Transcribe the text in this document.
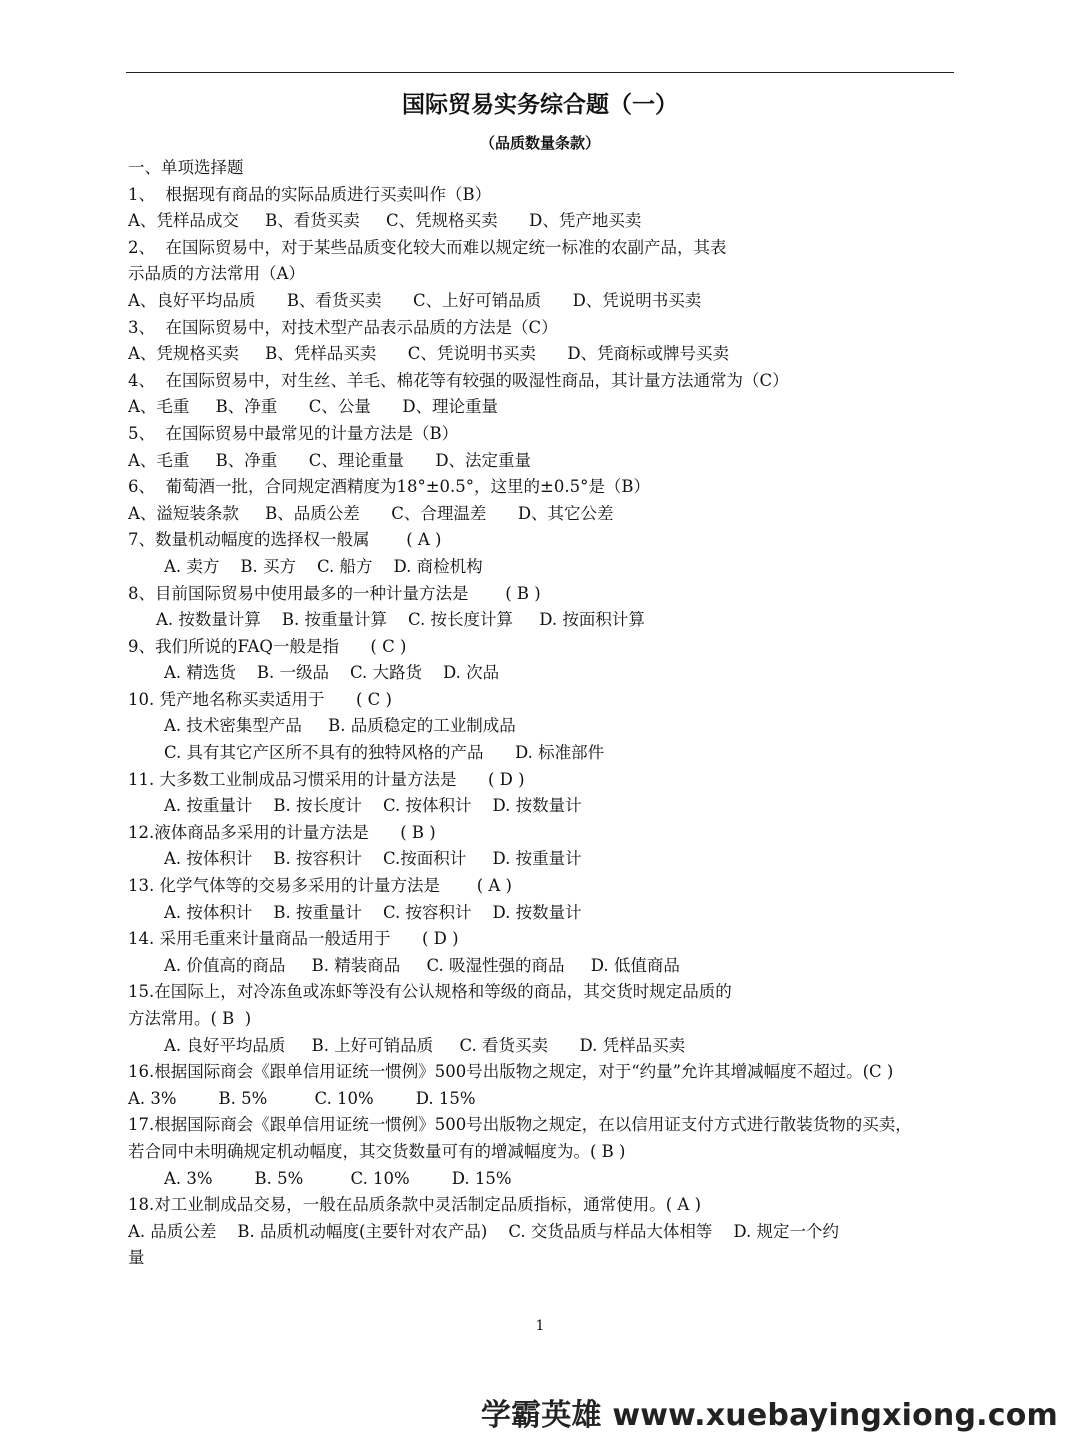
国际贸易实务综合题（一）
（品质数量条款）
一、单项选择题
1、  根据现有商品的实际品质进行买卖叫作（B）
A、凭样品成交     B、看货买卖     C、凭规格买卖      D、凭产地买卖
2、  在国际贸易中，对于某些品质变化较大而难以规定统一标准的农副产品，其表
示品质的方法常用（A）
A、良好平均品质      B、看货买卖      C、上好可销品质      D、凭说明书买卖
3、  在国际贸易中，对技术型产品表示品质的方法是（C）
A、凭规格买卖     B、凭样品买卖      C、凭说明书买卖      D、凭商标或牌号买卖
4、  在国际贸易中，对生丝、羊毛、棉花等有较强的吸湿性商品，其计量方法通常为（C）
A、毛重     B、净重      C、公量      D、理论重量
5、  在国际贸易中最常见的计量方法是（B）
A、毛重     B、净重      C、理论重量      D、法定重量
6、  葡萄酒一批，合同规定酒精度为18°±0.5°，这里的±0.5°是（B）
A、溢短装条款     B、品质公差      C、合理温差      D、其它公差
7、数量机动幅度的选择权一般属       ( A )
A. 卖方    B. 买方    C. 船方    D. 商检机构
8、目前国际贸易中使用最多的一种计量方法是       ( B )
A. 按数量计算    B. 按重量计算    C. 按长度计算     D. 按面积计算
9、我们所说的FAQ一般是指      ( C )
A. 精选货    B. 一级品    C. 大路货    D. 次品
10. 凭产地名称买卖适用于      ( C )
A. 技术密集型产品     B. 品质稳定的工业制成品
C. 具有其它产区所不具有的独特风格的产品      D. 标准部件
11. 大多数工业制成品习惯采用的计量方法是      ( D )
A. 按重量计    B. 按长度计    C. 按体积计    D. 按数量计
12.液体商品多采用的计量方法是      ( B )
A. 按体积计    B. 按容积计    C.按面积计     D. 按重量计
13. 化学气体等的交易多采用的计量方法是       ( A )
A. 按体积计    B. 按重量计    C. 按容积计    D. 按数量计
14. 采用毛重来计量商品一般适用于      ( D )
A. 价值高的商品     B. 精装商品     C. 吸湿性强的商品     D. 低值商品
15.在国际上，对冷冻鱼或冻虾等没有公认规格和等级的商品，其交货时规定品质的
方法常用。( B  )
A. 良好平均品质     B. 上好可销品质     C. 看货买卖      D. 凭样品买卖
16.根据国际商会《跟单信用证统一惯例》500号出版物之规定，对于“约量”允许其增减幅度不超过。(C )
A. 3%        B. 5%         C. 10%        D. 15%
17.根据国际商会《跟单信用证统一惯例》500号出版物之规定，在以信用证支付方式进行散装货物的买卖，
若合同中未明确规定机动幅度，其交货数量可有的增减幅度为。( B )
A. 3%        B. 5%         C. 10%        D. 15%
18.对工业制成品交易，一般在品质条款中灵活制定品质指标，通常使用。( A )
A. 品质公差    B. 品质机动幅度(主要针对农产品)    C. 交货品质与样品大体相等    D. 规定一个约
量
1
学霸英雄 www.xuebayingxiong.com
